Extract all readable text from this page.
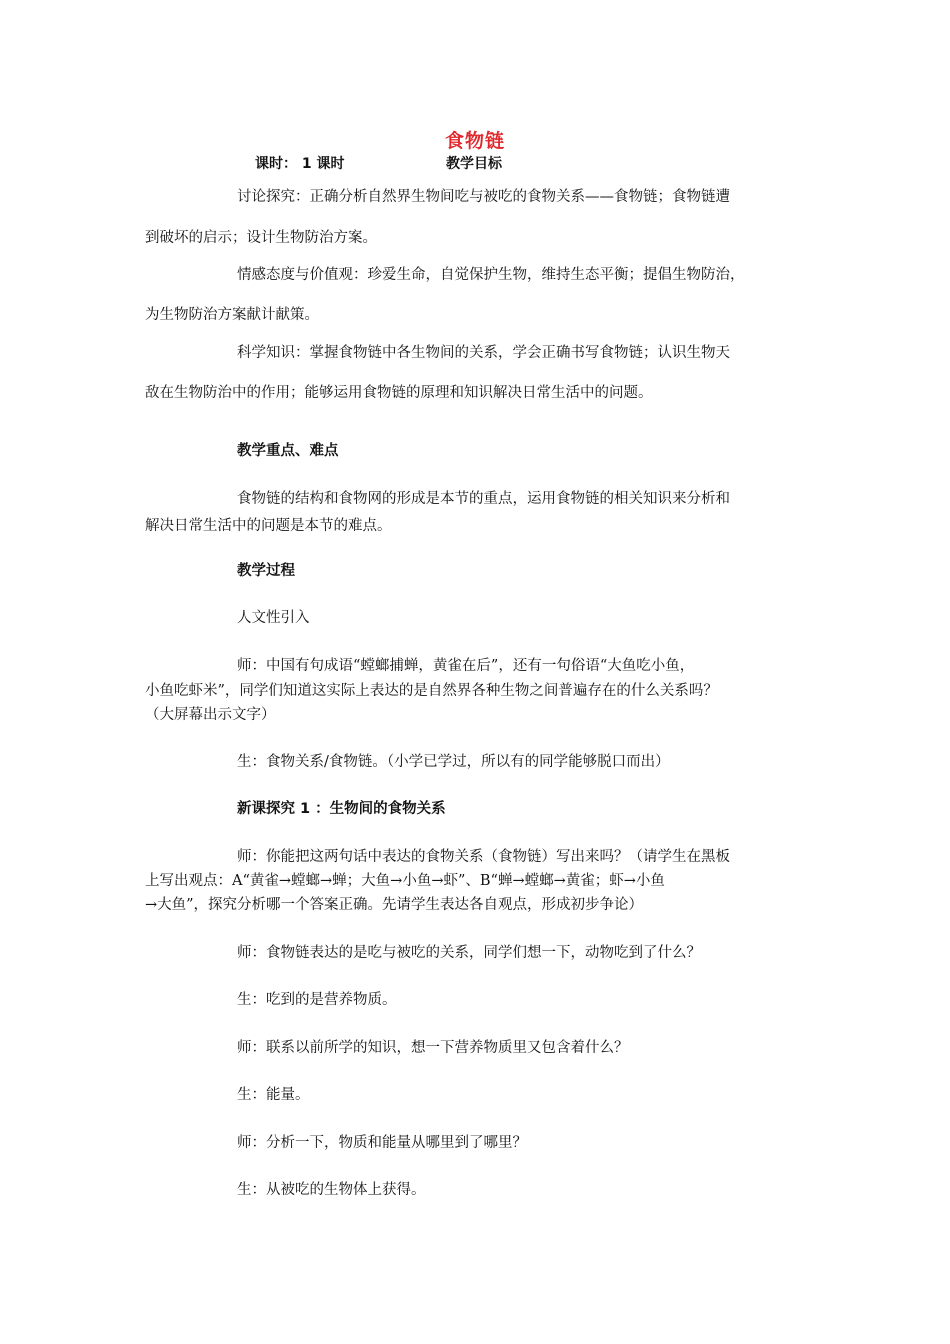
食物链
课时： 1 课时	教学目标
讨论探究：正确分析自然界生物间吃与被吃的食物关系——食物链；食物链遭
到破坏的启示；设计生物防治方案。
情感态度与价值观：珍爱生命，自觉保护生物，维持生态平衡；提倡生物防治，
为生物防治方案献计献策。
科学知识：掌握食物链中各生物间的关系，学会正确书写食物链；认识生物天
敌在生物防治中的作用；能够运用食物链的原理和知识解决日常生活中的问题。
教学重点、难点
食物链的结构和食物网的形成是本节的重点，运用食物链的相关知识来分析和
解决日常生活中的问题是本节的难点。
教学过程
人文性引入
师：中国有句成语“螳螂捕蝉，黄雀在后”，还有一句俗语“大鱼吃小鱼，
小鱼吃虾米”，同学们知道这实际上表达的是自然界各种生物之间普遍存在的什么关系吗？
（大屏幕出示文字）
生：食物关系/食物链。（小学已学过，所以有的同学能够脱口而出）
新课探究 1 ：生物间的食物关系
师：你能把这两句话中表达的食物关系（食物链）写出来吗？（请学生在黑板
上写出观点：A“黄雀→螳螂→蝉；大鱼→小鱼→虾”、B“蝉→螳螂→黄雀；虾→小鱼
→大鱼”，探究分析哪一个答案正确。先请学生表达各自观点，形成初步争论）
师：食物链表达的是吃与被吃的关系，同学们想一下，动物吃到了什么？
生：吃到的是营养物质。
师：联系以前所学的知识，想一下营养物质里又包含着什么？
生：能量。
师：分析一下，物质和能量从哪里到了哪里？
生：从被吃的生物体上获得。
